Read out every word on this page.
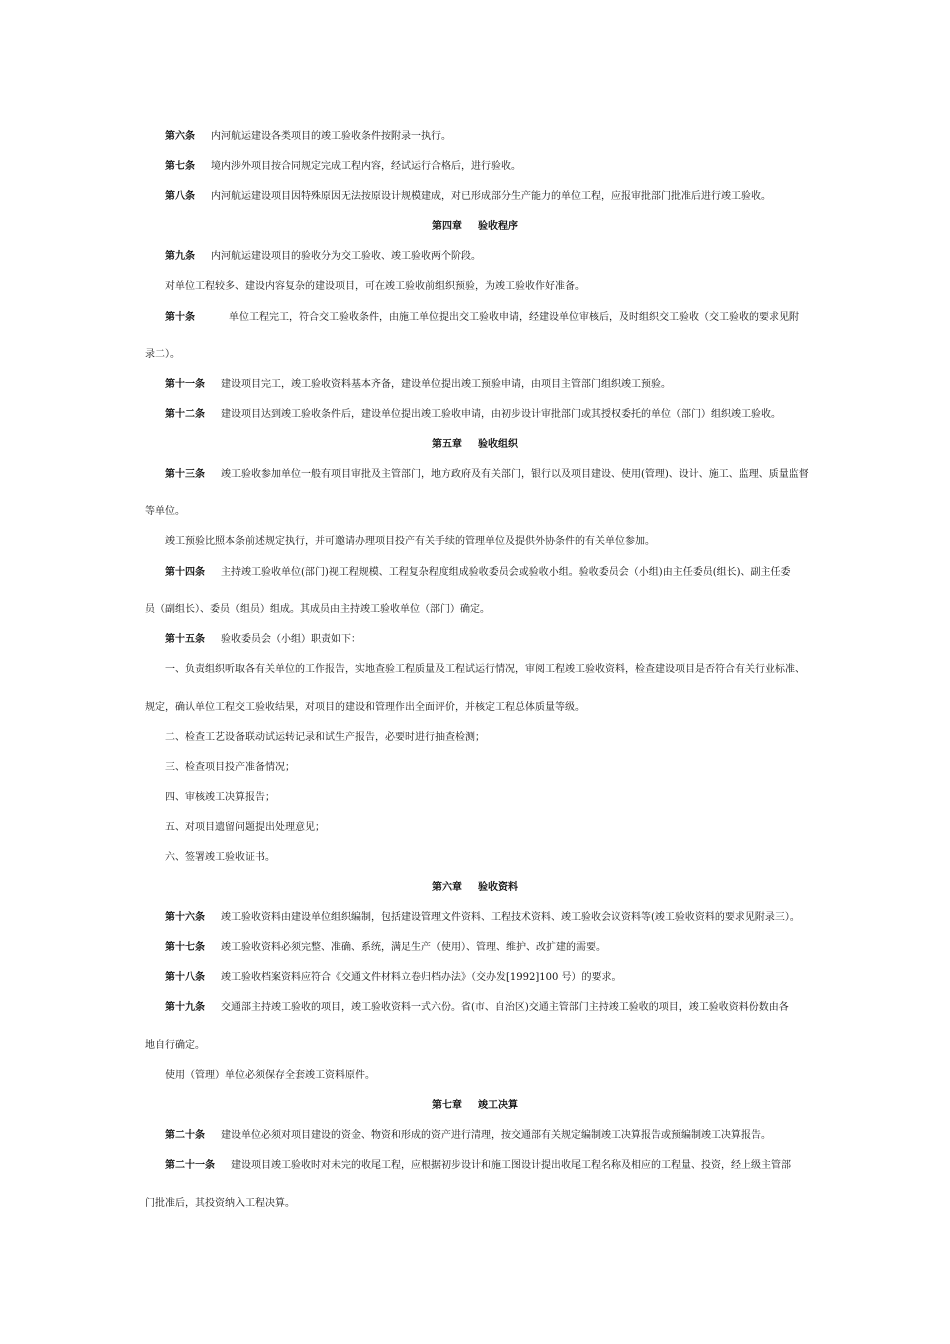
第六条 内河航运建设各类项目的竣工验收条件按附录一执行。
第七条 境内涉外项目按合同规定完成工程内容，经试运行合格后，进行验收。
第八条 内河航运建设项目因特殊原因无法按原设计规模建成，对已形成部分生产能力的单位工程，应报审批部门批准后进行竣工验收。
第四章 验收程序
第九条 内河航运建设项目的验收分为交工验收、竣工验收两个阶段。
对单位工程较多、建设内容复杂的建设项目，可在竣工验收前组织预验，为竣工验收作好准备。
第十条	单位工程完工，符合交工验收条件，由施工单位提出交工验收申请，经建设单位审核后，及时组织交工验收（交工验收的要求见附
录二）。
第十一条 建设项目完工，竣工验收资料基本齐备，建设单位提出竣工预验申请，由项目主管部门组织竣工预验。
第十二条 建设项目达到竣工验收条件后，建设单位提出竣工验收申请，由初步设计审批部门或其授权委托的单位（部门）组织竣工验收。
第五章 验收组织
第十三条 竣工验收参加单位一般有项目审批及主管部门，地方政府及有关部门，银行以及项目建设、使用(管理)、设计、施工、监理、质量监督
等单位。
竣工预验比照本条前述规定执行，并可邀请办理项目投产有关手续的管理单位及提供外协条件的有关单位参加。
第十四条 主持竣工验收单位(部门)视工程规模、工程复杂程度组成验收委员会或验收小组。验收委员会（小组)由主任委员(组长)、副主任委
员（副组长）、委员（组员）组成。其成员由主持竣工验收单位（部门）确定。
第十五条 验收委员会（小组）职责如下：
一、负责组织听取各有关单位的工作报告，实地查验工程质量及工程试运行情况，审阅工程竣工验收资料，检查建设项目是否符合有关行业标准、
规定，确认单位工程交工验收结果，对项目的建设和管理作出全面评价，并核定工程总体质量等级。
二、检查工艺设备联动试运转记录和试生产报告，必要时进行抽查检测；
三、检查项目投产准备情况；
四、审核竣工决算报告；
五、对项目遗留问题提出处理意见；
六、签署竣工验收证书。
第六章 验收资料
第十六条 竣工验收资料由建设单位组织编制，包括建设管理文件资料、工程技术资料、竣工验收会议资料等(竣工验收资料的要求见附录三）。
第十七条 竣工验收资料必须完整、准确、系统，满足生产（使用）、管理、维护、改扩建的需要。
第十八条 竣工验收档案资料应符合《交通文件材料立卷归档办法》（交办发[1992]100 号）的要求。
第十九条 交通部主持竣工验收的项目，竣工验收资料一式六份。省(市、自治区)交通主管部门主持竣工验收的项目，竣工验收资料份数由各
地自行确定。
使用（管理）单位必须保存全套竣工资料原件。
第七章 竣工决算
第二十条 建设单位必须对项目建设的资金、物资和形成的资产进行清理，按交通部有关规定编制竣工决算报告或预编制竣工决算报告。
第二十一条 建设项目竣工验收时对未完的收尾工程，应根据初步设计和施工图设计提出收尾工程名称及相应的工程量、投资，经上级主管部
门批准后，其投资纳入工程决算。
